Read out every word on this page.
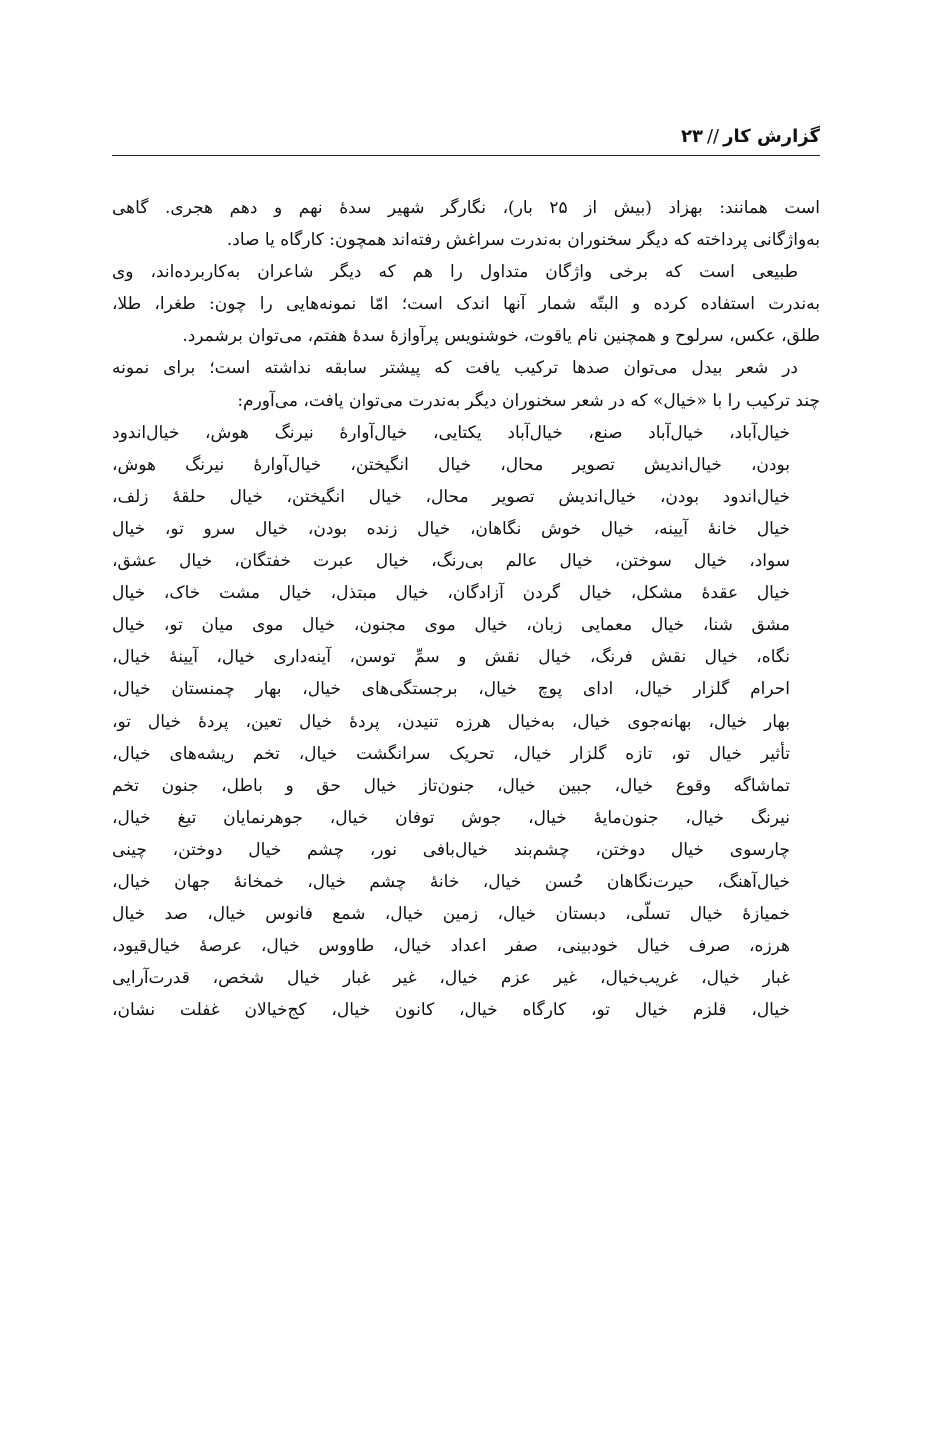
گزارش کار//۲۳
است همانند: بهزاد (بیش از ۲۵ بار)، نگارگر شهیر سدهٔ نهم و دهم هجری. گاهی
به‌واژگانی پرداخته که دیگر سخنوران به‌ندرت سراغش رفته‌اند همچون: کارگاه یا صاد.
طبیعی است که برخی واژگان متداول را هم که دیگر شاعران به‌کاربرده‌اند، وی
به‌ندرت استفاده کرده و البتّه شمار آنها اندک است؛ امّا نمونه‌هایی را چون: طغرا، طلا،
طلق، عکس، سرلوح و همچنین نام یاقوت، خوشنویس پرآوازهٔ سدهٔ هفتم، می‌توان برشمرد.
در شعر بیدل می‌توان صدها ترکیب یافت که پیشتر سابقه نداشته است؛ برای نمونه
چند ترکیب را با «خیال» که در شعر سخنوران دیگر به‌ندرت می‌توان یافت، می‌آورم:
خیال‌آباد، خیال‌آباد صنع، خیال‌آباد یکتایی، خیال‌آوارهٔ نیرنگ هوش، خیال‌اندود
بودن، خیال‌اندیش تصویر محال، خیال انگیختن، خیال‌آوارهٔ نیرنگ هوش،
خیال‌اندود بودن، خیال‌اندیش تصویر محال، خیال انگیختن، خیال حلقهٔ زلف،
خیال خانهٔ آیینه، خیال خوش نگاهان، خیال زنده بودن، خیال سرو تو، خیال
سواد، خیال سوختن، خیال عالم بی‌رنگ، خیال عبرت خفتگان، خیال عشق،
خیال عقدهٔ مشکل، خیال گردن آزادگان، خیال مبتذل، خیال مشت خاک، خیال
مشق شنا، خیال معمایی زبان، خیال موی مجنون، خیال موی میان تو، خیال
نگاه، خیال نقش فرنگ، خیال نقش و سمِّ توسن، آینه‌داری خیال، آیینهٔ خیال،
احرام گلزار خیال، ادای پوچ خیال، برجستگی‌های خیال، بهار چمنستان خیال،
بهار خیال، بهانه‌جوی خیال، به‌خیال هرزه تنیدن، پردهٔ خیال تعین، پردهٔ خیال تو،
تأثیر خیال تو، تازه گلزار خیال، تحریک سرانگشت خیال، تخم ریشه‌های خیال،
تماشاگه وقوع خیال، جبین خیال، جنون‌تاز خیال حق و باطل، جنون تخم
نیرنگ خیال، جنون‌مایهٔ خیال، جوش توفان خیال، جوهرنمایان تیغ خیال،
چارسوی خیال دوختن، چشم‌بند خیال‌بافی نور، چشم خیال دوختن، چینی
خیال‌آهنگ، حیرت‌نگاهان حُسن خیال، خانهٔ چشم خیال، خمخانهٔ جهان خیال،
خمیازهٔ خیال تسلّی، دبستان خیال، زمین خیال، شمع فانوس خیال، صد خیال
هرزه، صرف خیال خودبینی، صفر اعداد خیال، طاووس خیال، عرصهٔ خیال‌قیود،
غبار خیال، غریب‌خیال، غیر عزم خیال، غیر غبار خیال شخص، قدرت‌آرایی
خیال، قلزم خیال تو، کارگاه خیال، کانون خیال، کج‌خیالان غفلت نشان،
